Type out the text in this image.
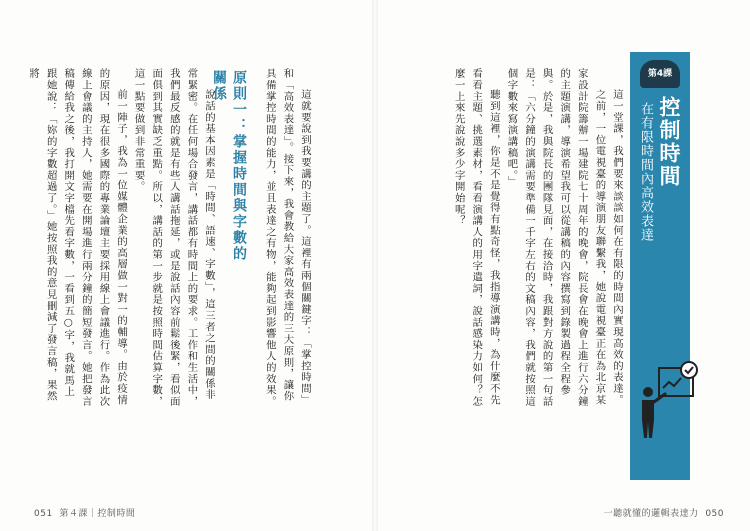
這一堂課，我們要來談談如何在有限的時間內實現高效的表達。

之前，一位電視臺的導演朋友聯繫我，她說電視臺正在為北京某家設計院籌辦一場建院七十周年的晚會，院長會在晚會上進行六分鐘的主題演講，導演希望我可以從講稿的內容撰寫到錄製過程全程參與。於是，我與院長的團隊見面，在接洽時，我跟對方說的第一句話是：「六分鐘的演講需要準備一千字左右的文稿內容，我們就按照這個字數來寫演講稿吧。」

聽到這裡，你是不是覺得有點奇怪，我指導演講時，為什麼不先看看主題、挑選素材，看看演講人的用字遣詞，說話感染力如何？怎麼一上來先說說多少字開始呢？

一聽就懂的邏輯表達力 050
第4課
控制時間
在有限時間內高效表達

這就要說到我要講的主題了。這裡有兩個關鍵字：「掌控時間」和「高效表達」。接下來，我會教給大家高效表達的三大原則，讓你具備掌控時間的能力，並且表達之有物，能夠起到影響他人的效果。

原則一：掌握時間與字數的關係

說話的基本因素是「時間、語速、字數」，這三者之間的關係非常緊密。在任何場合發言，講話都有時間上的要求。工作和生活中，我們最反感的就是有些人講話拖延，或是說話內容前鬆後緊，看似面面俱到其實缺乏重點。所以，講話的第一步就是按照時間估算字數，這一點要做到非常重要。

前一陣子，我為一位媒體企業的高層做一對一的輔導。由於疫情的原因，現在很多國際的專業論壇主要採用線上會議進行。作為此次線上會議的主持人，她需要在開場進行兩分鐘的簡短發言。她把發言稿傳給我之後，我打開文字檔先看字數，一看到五○字，我就馬上跟她說：「妳的字數超過了。」她按照我的意見刪減了發言稿，果然將

051 第４課｜控制時間
